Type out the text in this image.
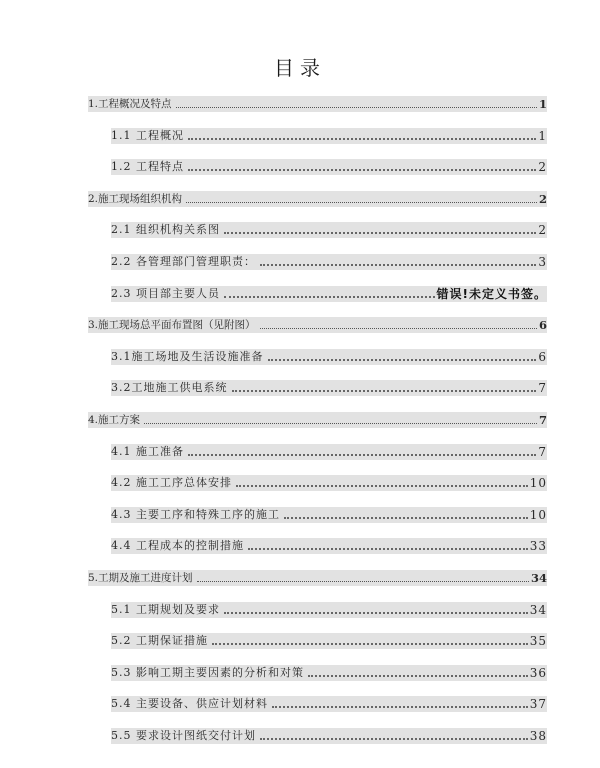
目录
1.工程概况及特点	1
1.1 工程概况	1
1.2 工程特点	2
2.施工现场组织机构	2
2.1 组织机构关系图	2
2.2 各管理部门管理职责：	3
2.3 项目部主要人员	错误!未定义书签。
3.施工现场总平面布置图（见附图）	6
3.1施工场地及生活设施准备	6
3.2工地施工供电系统	7
4.施工方案	7
4.1 施工准备	7
4.2 施工工序总体安排	10
4.3 主要工序和特殊工序的施工	10
4.4 工程成本的控制措施	33
5.工期及施工进度计划	34
5.1 工期规划及要求	34
5.2 工期保证措施	35
5.3 影响工期主要因素的分析和对策	36
5.4 主要设备、供应计划材料	37
5.5 要求设计图纸交付计划	38
